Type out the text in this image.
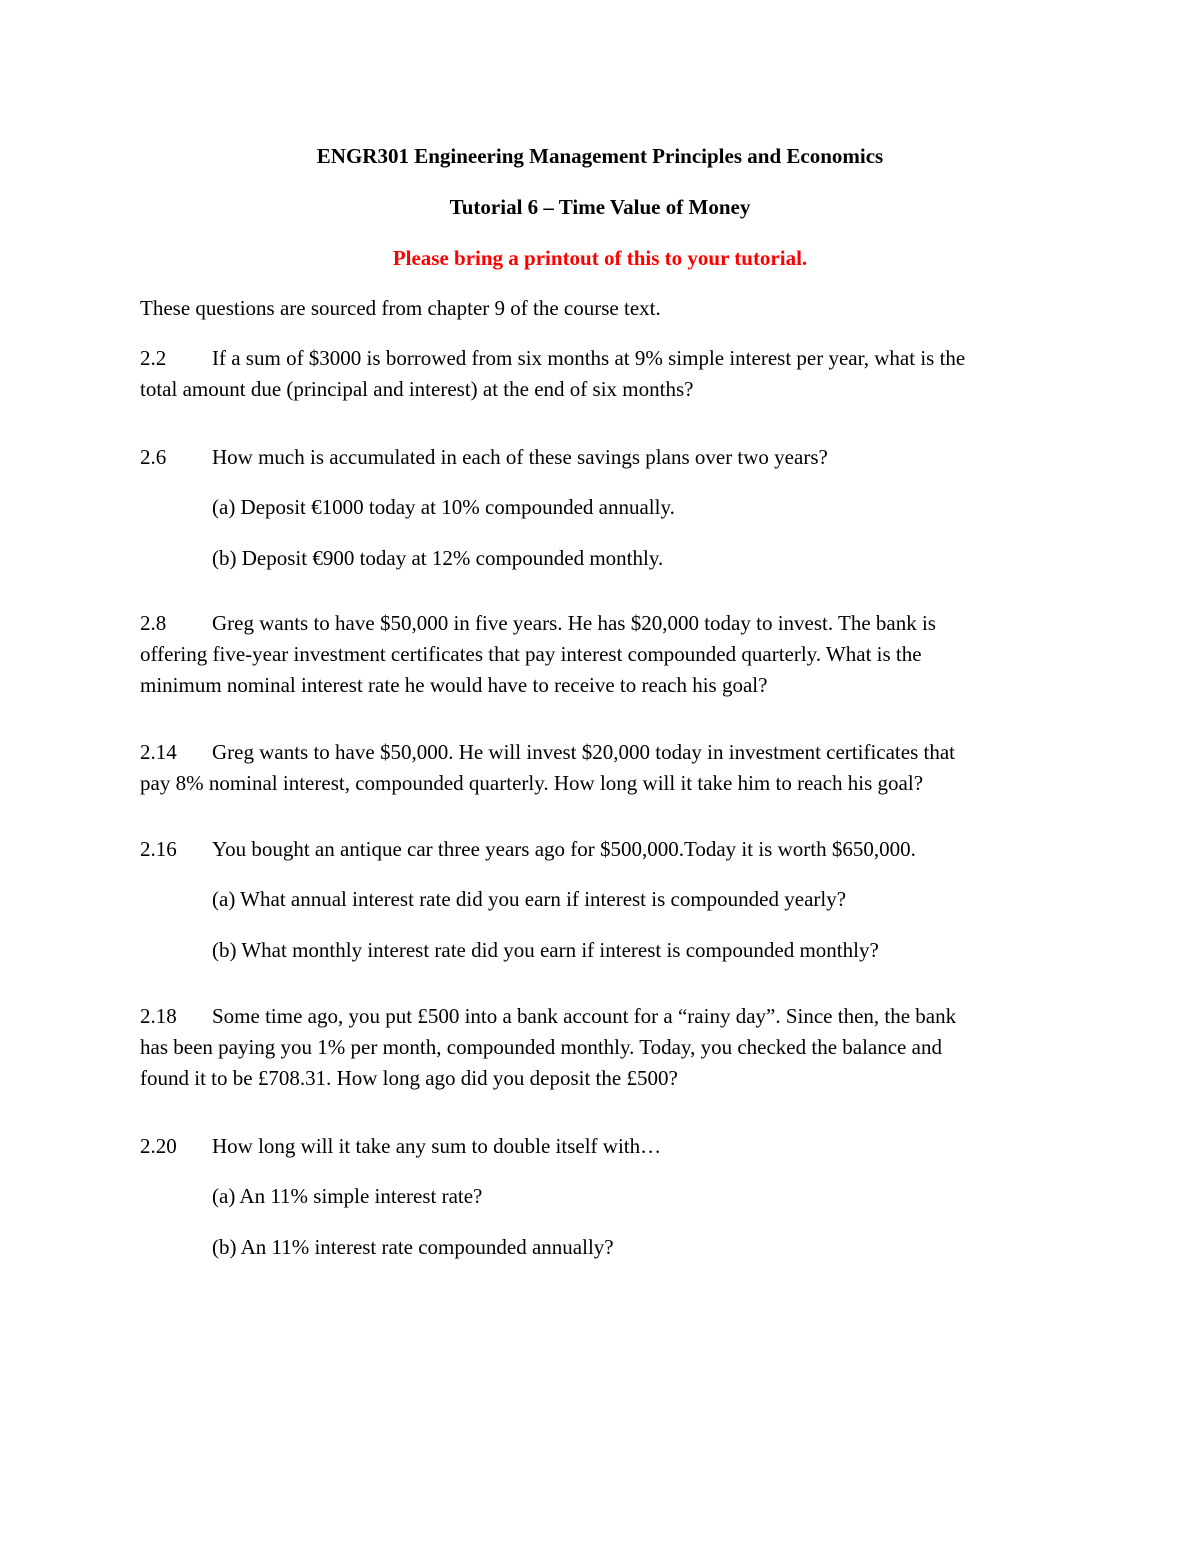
ENGR301 Engineering Management Principles and Economics
Tutorial 6 – Time Value of Money
Please bring a printout of this to your tutorial.
These questions are sourced from chapter 9 of the course text.

2.2 If a sum of $3000 is borrowed from six months at 9% simple interest per year, what is the

total amount due (principal and interest) at the end of six months?

2.6 How much is accumulated in each of these savings plans over two years?

(a) Deposit €1000 today at 10% compounded annually.
(b) Deposit €900 today at 12% compounded monthly.

2.8 Greg wants to have $50,000 in five years. He has $20,000 today to invest. The bank is

offering five-year investment certificates that pay interest compounded quarterly. What is the

minimum nominal interest rate he would have to receive to reach his goal?

2.14 Greg wants to have $50,000. He will invest $20,000 today in investment certificates that

pay 8% nominal interest, compounded quarterly. How long will it take him to reach his goal?

2.16 You bought an antique car three years ago for $500,000.Today it is worth $650,000.

(a) What annual interest rate did you earn if interest is compounded yearly?
(b) What monthly interest rate did you earn if interest is compounded monthly?

2.18 Some time ago, you put £500 into a bank account for a “rainy day”. Since then, the bank

has been paying you 1% per month, compounded monthly. Today, you checked the balance and

found it to be £708.31. How long ago did you deposit the £500?

2.20 How long will it take any sum to double itself with…

(a) An 11% simple interest rate?
(b) An 11% interest rate compounded annually?
